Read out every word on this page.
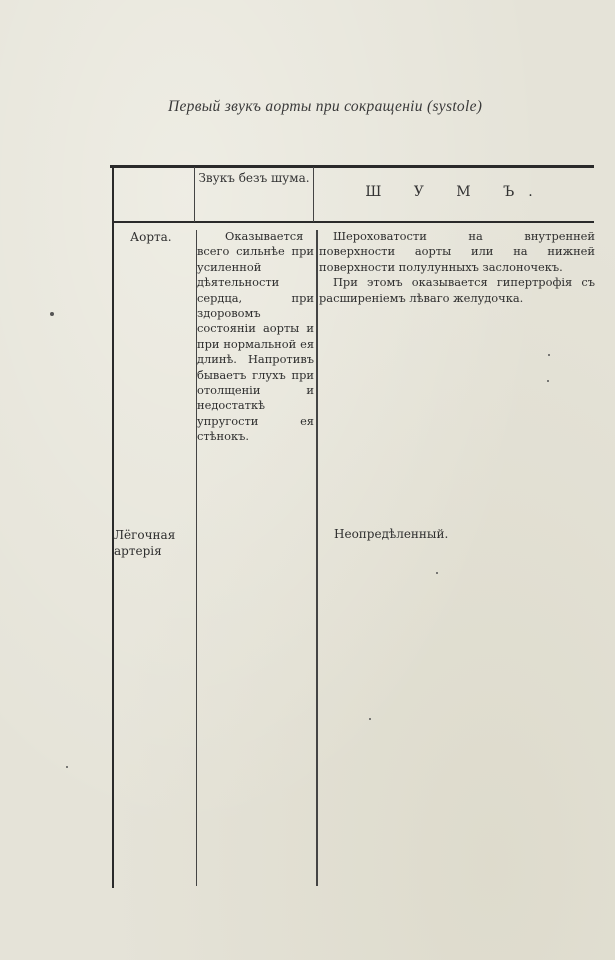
Первый звукъ аорты при сокращеніи (systole)
Звукъ безъ шума.
Ш У М Ъ.
Аорта.	Оказывается всего сильнѣе при усиленной дѣятельности сердца, при здоровомъ состояніи аорты и при нормальной ея длинѣ. Напротивъ бываетъ глухъ при отолщеніи и недостаткѣ упругости ея стѣнокъ.

Шероховатости на внутренней поверхности аорты или на нижней поверхности полулунныхъ заслоночекъ.

При этомъ оказывается гипертрофія съ расширеніемъ лѣваго желудочка.

Лёгочная артерія
Неопредѣленный.
